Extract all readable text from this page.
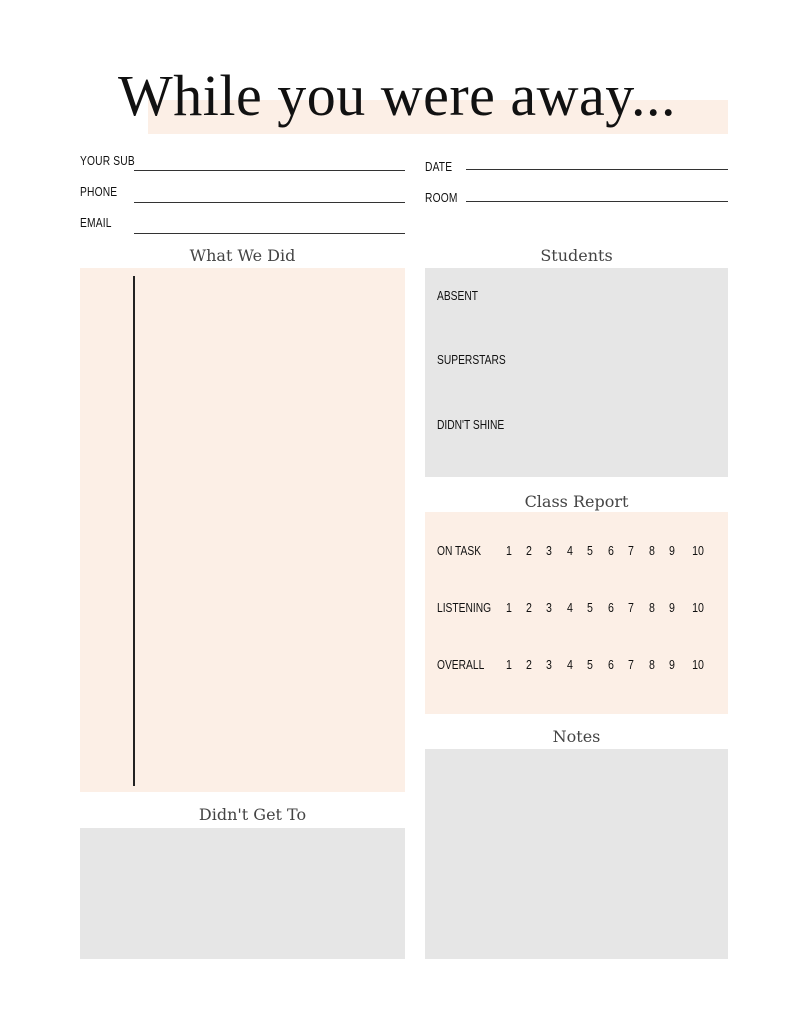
While you were away...
YOUR SUB
PHONE
EMAIL
DATE
ROOM
What We Did
Didn't Get To
Students
ABSENT
SUPERSTARS
DIDN'T SHINE
Class Report
ON TASK	1	2	3	4	5	6	7	8	9	10
LISTENING	1	2	3	4	5	6	7	8	9	10
OVERALL	1	2	3	4	5	6	7	8	9	10
Notes
